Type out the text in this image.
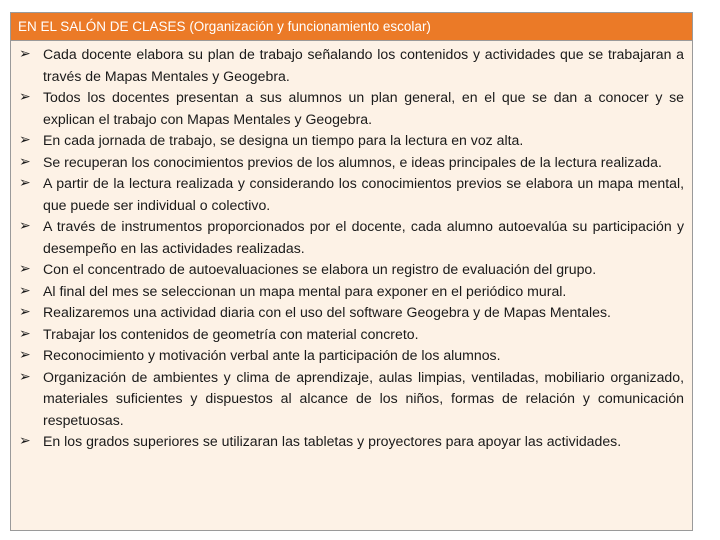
EN EL SALÓN DE CLASES (Organización y funcionamiento escolar)
➢ Cada docente elabora su plan de trabajo señalando los contenidos y actividades que se trabajaran a través de Mapas Mentales y Geogebra.
➢ Todos los docentes presentan a sus alumnos un plan general, en el que se dan a conocer y se explican el trabajo con Mapas Mentales y Geogebra.
➢ En cada jornada de trabajo, se designa un tiempo para la lectura en voz alta.
➢ Se recuperan los conocimientos previos de los alumnos, e ideas principales de la lectura realizada.
➢ A partir de la lectura realizada y considerando los conocimientos previos se elabora un mapa mental, que puede ser individual o colectivo.
➢ A través de instrumentos proporcionados por el docente, cada alumno autoevalúa su participación y desempeño en las actividades realizadas.
➢ Con el concentrado de autoevaluaciones se elabora un registro de evaluación del grupo.
➢ Al final del mes se seleccionan un mapa mental para exponer en el periódico mural.
➢ Realizaremos una actividad diaria con el uso del software Geogebra y de Mapas Mentales.
➢ Trabajar los contenidos de geometría con material concreto.
➢ Reconocimiento y motivación verbal ante la participación de los alumnos.
➢ Organización de ambientes y clima de aprendizaje, aulas limpias, ventiladas, mobiliario organizado, materiales suficientes y dispuestos al alcance de los niños, formas de relación y comunicación respetuosas.
➢ En los grados superiores se utilizaran las tabletas y proyectores para apoyar las actividades.
